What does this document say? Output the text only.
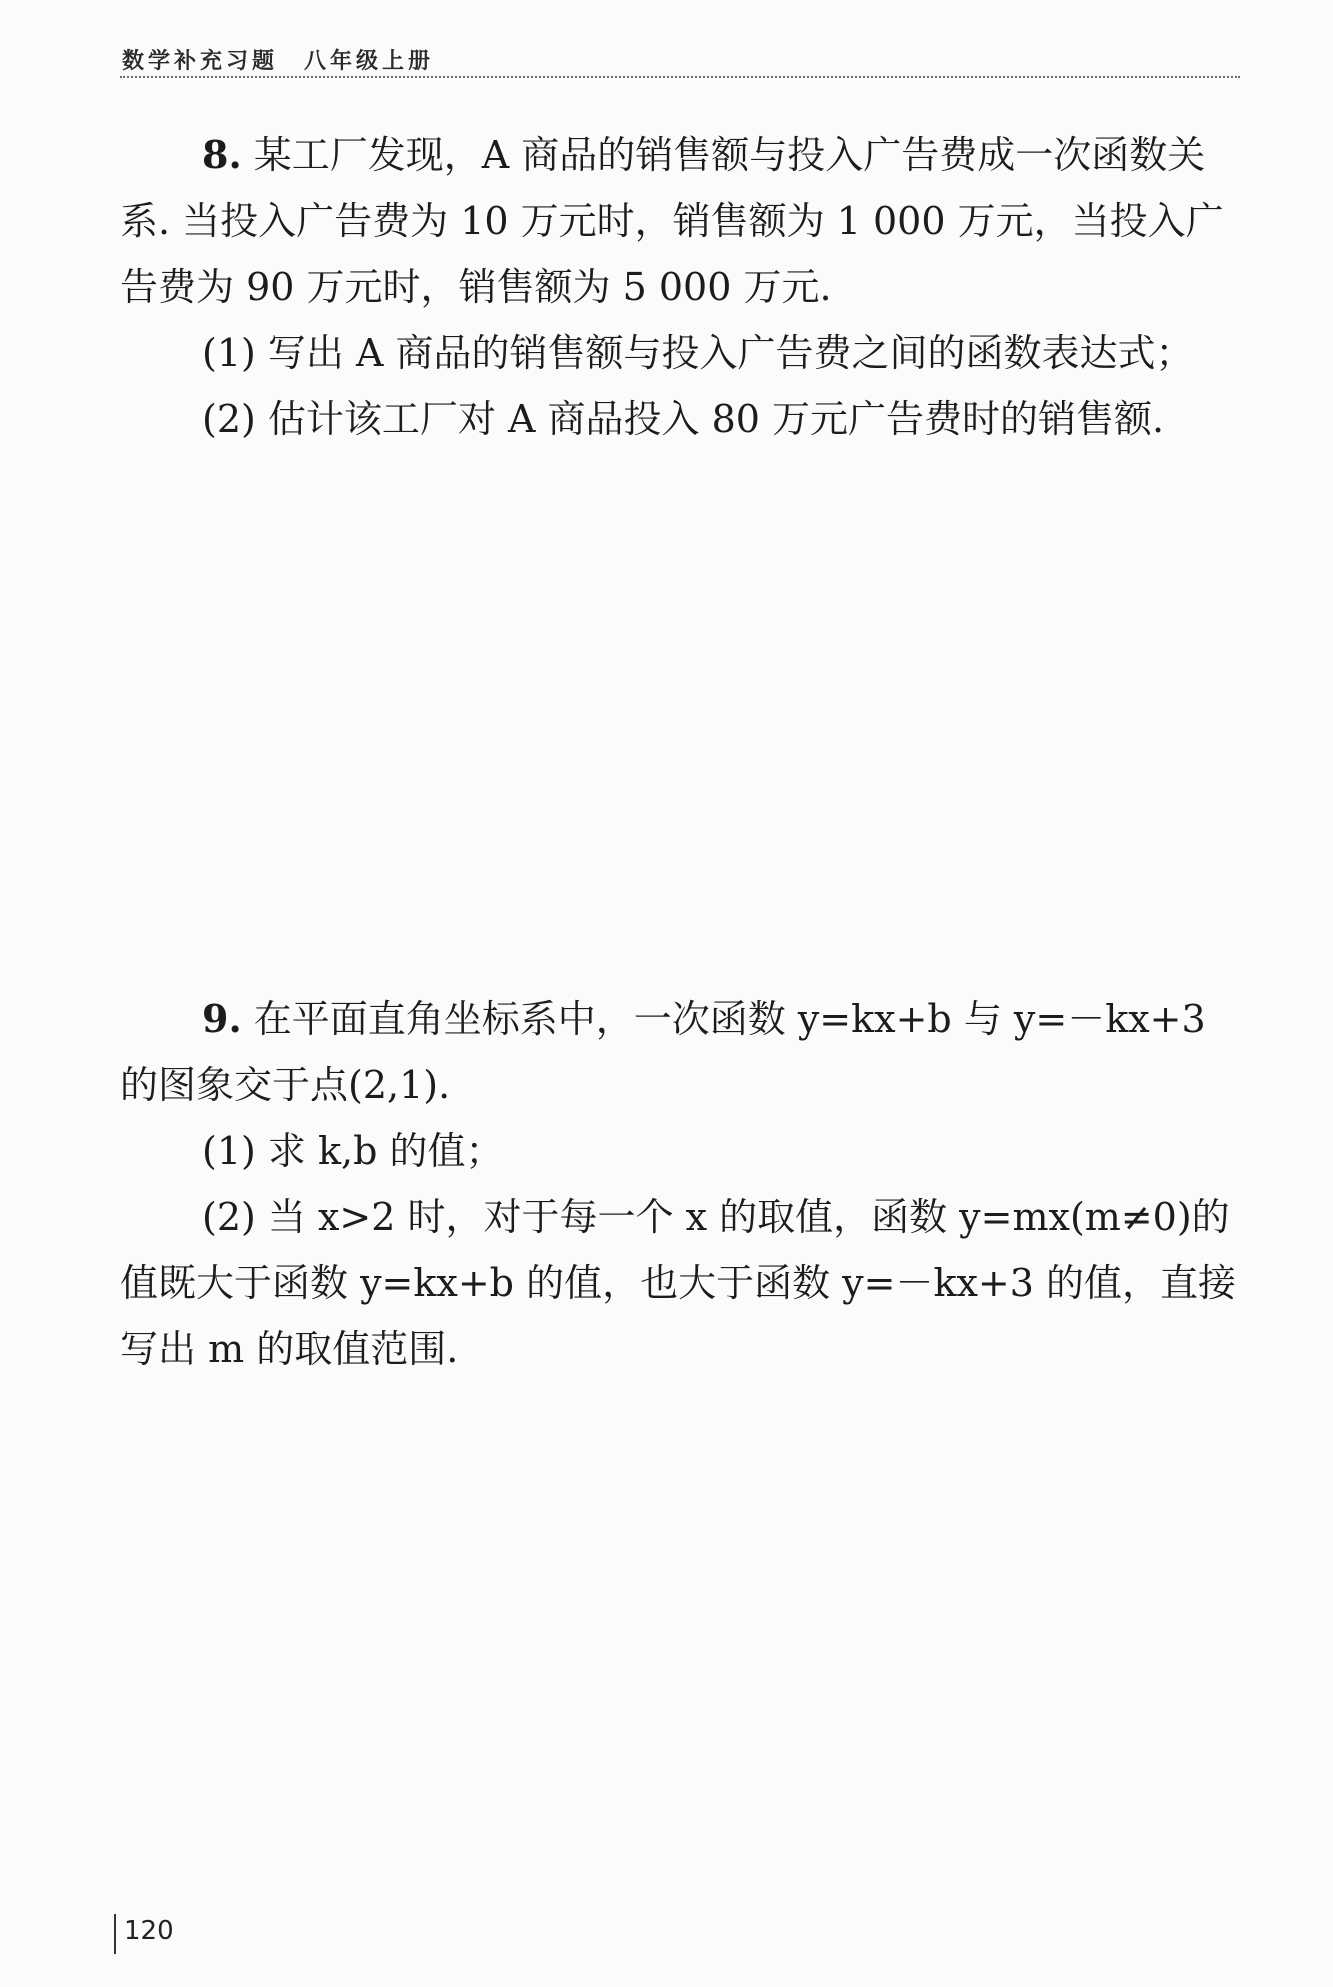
数学补充习题　八年级上册

8. 某工厂发现，A 商品的销售额与投入广告费成一次函数关系. 当投入广告费为 10 万元时，销售额为 1 000 万元，当投入广告费为 90 万元时，销售额为 5 000 万元.

(1) 写出 A 商品的销售额与投入广告费之间的函数表达式；

(2) 估计该工厂对 A 商品投入 80 万元广告费时的销售额.

9. 在平面直角坐标系中，一次函数 y=kx+b 与 y=－kx+3 的图象交于点(2,1).

(1) 求 k,b 的值；

(2) 当 x>2 时，对于每一个 x 的取值，函数 y=mx(m≠0)的值既大于函数 y=kx+b 的值，也大于函数 y=－kx+3 的值，直接写出 m 的取值范围.

120
